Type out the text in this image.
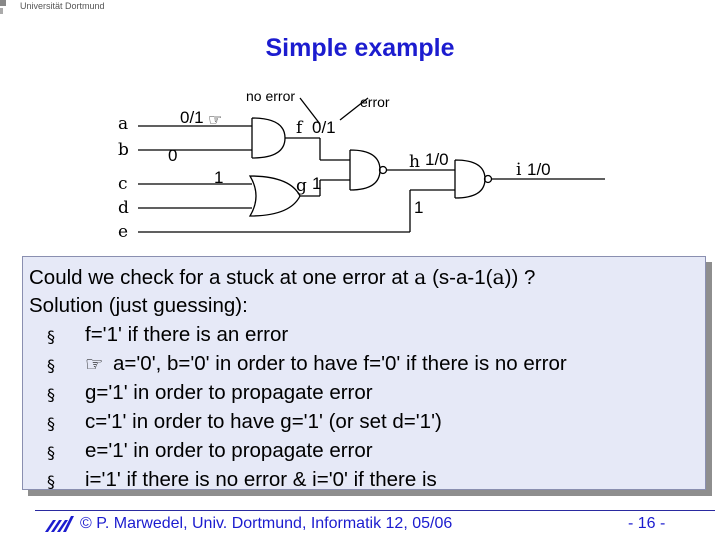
Universität Dortmund
Simple example
a
b
c
d
e
f
g
h	i
0/1 ☞
0
1
0/1
1
1/0
1
1/0
no error	error
Could we check for a stuck at one error at a (s-a-1(a)) ?
Solution (just guessing):
§ f='1' if there is an error
§ ☞ a='0', b='0' in order to have f='0' if there is no error
§ g='1' in order to propagate error
§ c='1' in order to have g='1' (or set d='1')
§ e='1' in order to propagate error
§ i='1' if there is no error & i='0' if there is
© P. Marwedel, Univ. Dortmund, Informatik 12, 05/06	- 16 -
